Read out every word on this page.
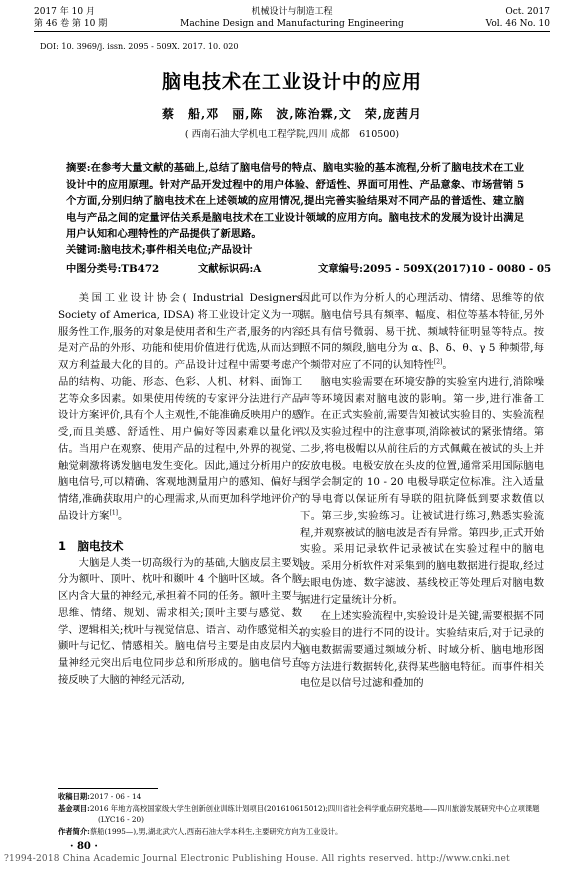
2017 年 10 月
第 46 卷 第 10 期
机械设计与制造工程
Machine Design and Manufacturing Engineering
Oct. 2017
Vol. 46 No. 10
DOI: 10. 3969/j. issn. 2095 - 509X. 2017. 10. 020
脑电技术在工业设计中的应用
蔡　船,邓　丽,陈　波,陈治霖,文　荣,庞茜月
( 西南石油大学机电工程学院,四川 成都　610500)

摘要:在参考大量文献的基础上,总结了脑电信号的特点、脑电实验的基本流程,分析了脑电技术在工业设计中的应用原理。针对产品开发过程中的用户体验、舒适性、界面可用性、产品意象、市场营销 5 个方面,分别归纳了脑电技术在上述领域的应用情况,提出完善实验结果对不同产品的普适性、建立脑电与产品之间的定量评估关系是脑电技术在工业设计领域的应用方向。脑电技术的发展为设计出满足用户认知和心理特性的产品提供了新思路。

关键词:脑电技术;事件相关电位;产品设计
中图分类号:TB472	文献标识码:A	文章编号:2095 - 509X(2017)10 - 0080 - 05

美国工业设计协会( Industrial Designers Society of America, IDSA) 将工业设计定义为一项服务性工作,服务的对象是使用者和生产者,服务的内容是对产品的外形、功能和使用价值进行优选,从而达到双方利益最大化的目的。产品设计过程中需要考虑产品的结构、功能、形态、色彩、人机、材料、面饰工艺等众多因素。如果使用传统的专家评分法进行产品设计方案评价,具有个人主观性,不能准确反映用户的感受,而且美感、舒适性、用户偏好等因素难以量化评估。当用户在观察、使用产品的过程中,外界的视觉、触觉刺激将诱发脑电发生变化。因此,通过分析用户的脑电信号,可以精确、客观地测量用户的感知、偏好与情绪,准确获取用户的心理需求,从而更加科学地评价产品设计方案[1]。

1　脑电技术

大脑是人类一切高级行为的基础,大脑皮层主要划分为额叶、顶叶、枕叶和颞叶 4 个脑叶区域。各个脑区内含大量的神经元,承担着不同的任务。额叶主要与思维、情绪、规划、需求相关;顶叶主要与感觉、数学、逻辑相关;枕叶与视觉信息、语言、动作感觉相关;颞叶与记忆、情感相关。脑电信号主要是由皮层内大量神经元突出后电位同步总和所形成的。脑电信号直接反映了大脑的神经元活动,

因此可以作为分析人的心理活动、情绪、思维等的依据。脑电信号具有频率、幅度、相位等基本特征,另外还具有信号微弱、易干扰、频域特征明显等特点。按照不同的频段,脑电分为 α、β、δ、θ、γ 5 种频带,每个频带对应了不同的认知特性[2]。

脑电实验需要在环境安静的实验室内进行,消除噪声等环境因素对脑电波的影响。第一步,进行准备工作。在正式实验前,需要告知被试实验目的、实验流程以及实验过程中的注意事项,消除被试的紧张情绪。第二步,将电极帽以从前往后的方式佩戴在被试的头上并安放电极。电极安放在头皮的位置,通常采用国际脑电图学会制定的 10 - 20 电极导联定位标准。注入适量的导电膏以保证所有导联的阻抗降低到要求数值以下。第三步,实验练习。让被试进行练习,熟悉实验流程,并观察被试的脑电波是否有异常。第四步,正式开始实验。采用记录软件记录被试在实验过程中的脑电波。采用分析软件对采集到的脑电数据进行提取,经过去眼电伪迹、数字滤波、基线校正等处理后对脑电数据进行定量统计分析。

在上述实验流程中,实验设计是关键,需要根据不同的实验目的进行不同的设计。实验结束后,对于记录的脑电数据需要通过频域分析、时域分析、脑电地形图等方法进行数据转化,获得某些脑电特征。而事件相关电位是以信号过滤和叠加的

收稿日期:2017 - 06 - 14
基金项目:2016 年地方高校国家级大学生创新创业训练计划项目(201610615012);四川省社会科学重点研究基地——四川旅游发展研究中心立项课题(LYC16 - 20)
作者简介:蔡船(1995—),男,湖北武穴人,西南石油大学本科生,主要研究方向为工业设计。
· 80 ·
?1994-2018 China Academic Journal Electronic Publishing House. All rights reserved. http://www.cnki.net
